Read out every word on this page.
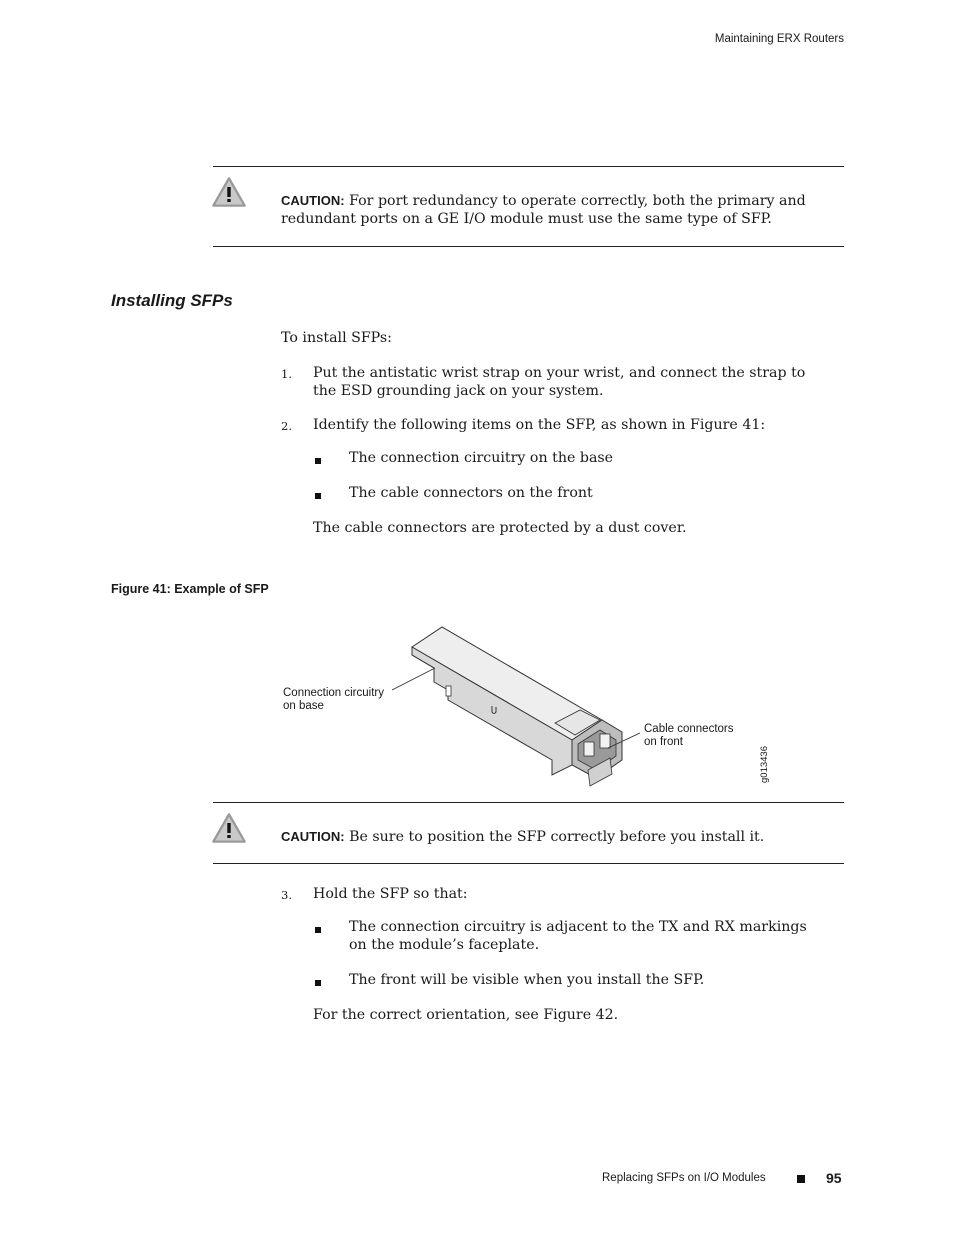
Maintaining ERX Routers
CAUTION: For port redundancy to operate correctly, both the primary and redundant ports on a GE I/O module must use the same type of SFP.
Installing SFPs
To install SFPs:
1. Put the antistatic wrist strap on your wrist, and connect the strap to the ESD grounding jack on your system.
2. Identify the following items on the SFP, as shown in Figure 41:
The connection circuitry on the base
The cable connectors on the front
The cable connectors are protected by a dust cover.
Figure 41: Example of SFP
Connection circuitry
on base
Cable connectors
on front
g013436
CAUTION: Be sure to position the SFP correctly before you install it.
3. Hold the SFP so that:
The connection circuitry is adjacent to the TX and RX markings on the module’s faceplate.
The front will be visible when you install the SFP.
For the correct orientation, see Figure 42.
Replacing SFPs on I/O Modules	95
